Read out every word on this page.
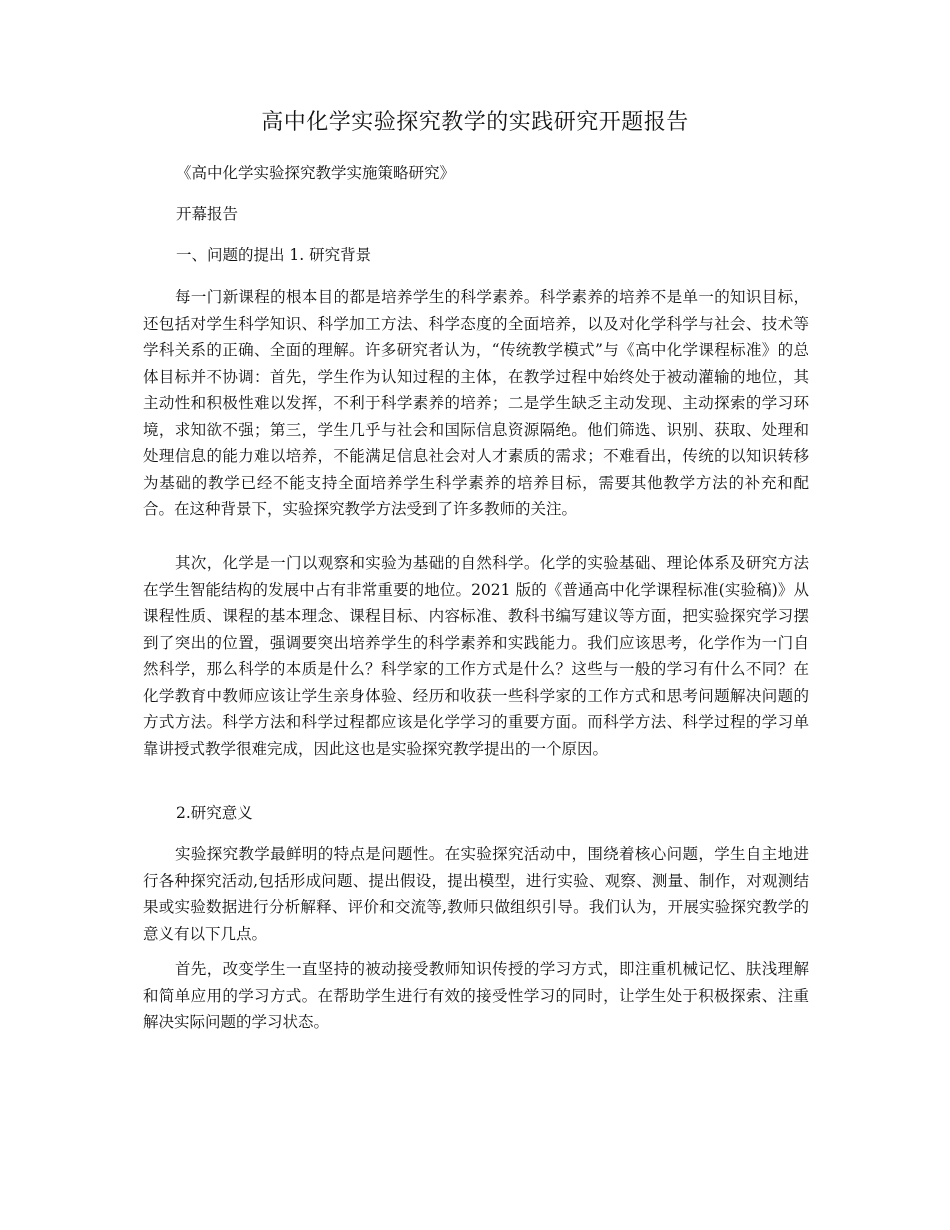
高中化学实验探究教学的实践研究开题报告

《高中化学实验探究教学实施策略研究》

开幕报告

一、问题的提出 1. 研究背景

每一门新课程的根本目的都是培养学生的科学素养。科学素养的培养不是单一的知识目标，还包括对学生科学知识、科学加工方法、科学态度的全面培养，以及对化学科学与社会、技术等学科关系的正确、全面的理解。许多研究者认为，“传统教学模式”与《高中化学课程标准》的总体目标并不协调：首先，学生作为认知过程的主体，在教学过程中始终处于被动灌输的地位，其主动性和积极性难以发挥，不利于科学素养的培养；二是学生缺乏主动发现、主动探索的学习环境，求知欲不强；第三，学生几乎与社会和国际信息资源隔绝。他们筛选、识别、获取、处理和处理信息的能力难以培养，不能满足信息社会对人才素质的需求；不难看出，传统的以知识转移为基础的教学已经不能支持全面培养学生科学素养的培养目标，需要其他教学方法的补充和配合。在这种背景下，实验探究教学方法受到了许多教师的关注。

其次，化学是一门以观察和实验为基础的自然科学。化学的实验基础、理论体系及研究方法在学生智能结构的发展中占有非常重要的地位。2021 版的《普通高中化学课程标准(实验稿)》从课程性质、课程的基本理念、课程目标、内容标准、教科书编写建议等方面，把实验探究学习摆到了突出的位置，强调要突出培养学生的科学素养和实践能力。我们应该思考，化学作为一门自然科学，那么科学的本质是什么？科学家的工作方式是什么？这些与一般的学习有什么不同？在化学教育中教师应该让学生亲身体验、经历和收获一些科学家的工作方式和思考问题解决问题的方式方法。科学方法和科学过程都应该是化学学习的重要方面。而科学方法、科学过程的学习单靠讲授式教学很难完成，因此这也是实验探究教学提出的一个原因。

2.研究意义

实验探究教学最鲜明的特点是问题性。在实验探究活动中，围绕着核心问题，学生自主地进行各种探究活动,包括形成问题、提出假设，提出模型，进行实验、观察、测量、制作，对观测结果或实验数据进行分析解释、评价和交流等,教师只做组织引导。我们认为，开展实验探究教学的意义有以下几点。

首先，改变学生一直坚持的被动接受教师知识传授的学习方式，即注重机械记忆、肤浅理解和简单应用的学习方式。在帮助学生进行有效的接受性学习的同时，让学生处于积极探索、注重解决实际问题的学习状态。
